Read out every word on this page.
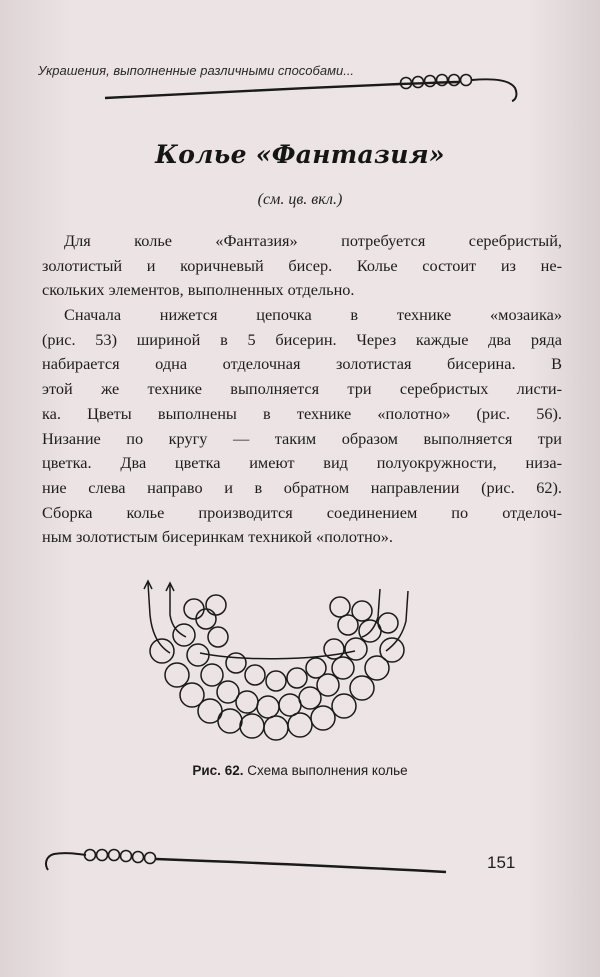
Украшения, выполненные различными способами...
Колье «Фантазия»
(см. цв. вкл.)
Для колье «Фантазия» потребуется серебристый,
золотистый и коричневый бисер. Колье состоит из не-
скольких элементов, выполненных отдельно.
Сначала нижется цепочка в технике «мозаика»
(рис. 53) шириной в 5 бисерин. Через каждые два ряда
набирается одна отделочная золотистая бисерина. В
этой же технике выполняется три серебристых листи-
ка. Цветы выполнены в технике «полотно» (рис. 56).
Низание по кругу — таким образом выполняется три
цветка. Два цветка имеют вид полуокружности, низа-
ние слева направо и в обратном направлении (рис. 62).
Сборка колье производится соединением по отделоч-
ным золотистым бисеринкам техникой «полотно».
Рис. 62. Схема выполнения колье
151
